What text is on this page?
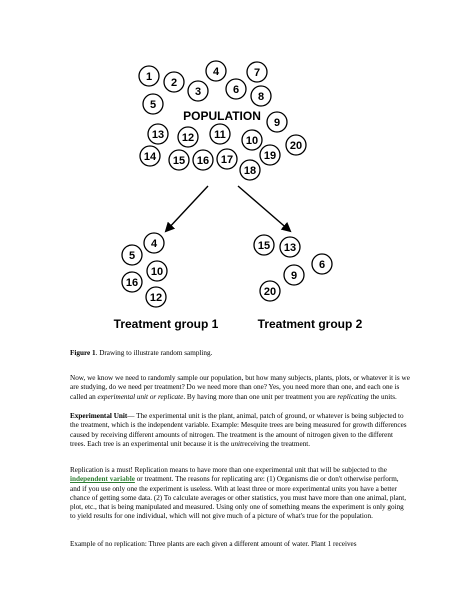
1 2
3
4
5
6
7
8
9
10
11
12
13
14 15 16 17
18
19
20
POPULATION
4
5
10
16
12
15 13
6
9
20
Treatment group 1	Treatment group 2

Figure 1. Drawing to illustrate random sampling.

Now, we know we need to randomly sample our population, but how many subjects, plants, plots, or whatever it is we are studying, do we need per treatment? Do we need more than one? Yes, you need more than one, and each one is called an experimental unit or replicate. By having more than one unit per treatment you are replicating the units.

Experimental Unit— The experimental unit is the plant, animal, patch of ground, or whatever is being subjected to the treatment, which is the independent variable. Example: Mesquite trees are being measured for growth differences caused by receiving different amounts of nitrogen. The treatment is the amount of nitrogen given to the different trees. Each tree is an experimental unit because it is the unitreceiving the treatment.

Replication is a must! Replication means to have more than one experimental unit that will be subjected to the independent variable or treatment. The reasons for replicating are: (1) Organisms die or don't otherwise perform, and if you use only one the experiment is useless. With at least three or more experimental units you have a better chance of getting some data. (2) To calculate averages or other statistics, you must have more than one animal, plant, plot, etc., that is being manipulated and measured. Using only one of something means the experiment is only going to yield results for one individual, which will not give much of a picture of what's true for the population.

Example of no replication: Three plants are each given a different amount of water. Plant 1 receives
